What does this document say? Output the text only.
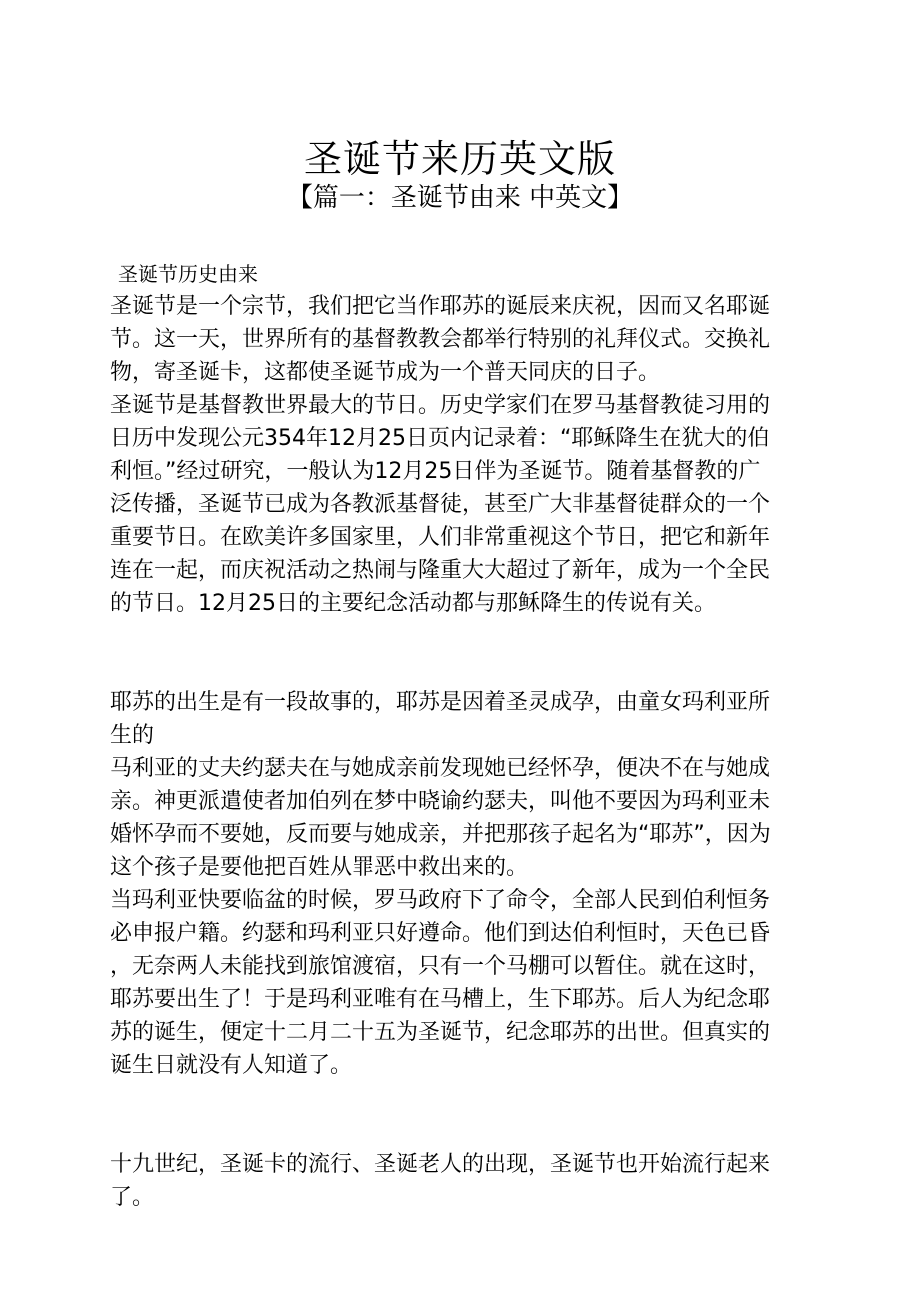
圣诞节来历英文版
【篇一：圣诞节由来 中英文】

圣诞节历史由来

圣诞节是一个宗节，我们把它当作耶苏的诞辰来庆祝，因而又名耶诞
节。这一天，世界所有的基督教教会都举行特别的礼拜仪式。交换礼
物，寄圣诞卡，这都使圣诞节成为一个普天同庆的日子。

圣诞节是基督教世界最大的节日。历史学家们在罗马基督教徒习用的
日历中发现公元354年12月25日页内记录着：“耶稣降生在犹大的伯
利恒。”经过研究，一般认为12月25日伴为圣诞节。随着基督教的广
泛传播，圣诞节已成为各教派基督徒，甚至广大非基督徒群众的一个
重要节日。在欧美许多国家里，人们非常重视这个节日，把它和新年
连在一起，而庆祝活动之热闹与隆重大大超过了新年，成为一个全民
的节日。12月25日的主要纪念活动都与那稣降生的传说有关。

耶苏的出生是有一段故事的，耶苏是因着圣灵成孕，由童女玛利亚所
生的

马利亚的丈夫约瑟夫在与她成亲前发现她已经怀孕，便决不在与她成
亲。神更派遣使者加伯列在梦中晓谕约瑟夫，叫他不要因为玛利亚未
婚怀孕而不要她，反而要与她成亲，并把那孩子起名为“耶苏”，因为
这个孩子是要他把百姓从罪恶中救出来的。

当玛利亚快要临盆的时候，罗马政府下了命令，全部人民到伯利恒务
必申报户籍。约瑟和玛利亚只好遵命。他们到达伯利恒时，天色已昏
，无奈两人未能找到旅馆渡宿，只有一个马棚可以暂住。就在这时，
耶苏要出生了！于是玛利亚唯有在马槽上，生下耶苏。后人为纪念耶
苏的诞生，便定十二月二十五为圣诞节，纪念耶苏的出世。但真实的
诞生日就没有人知道了。

十九世纪，圣诞卡的流行、圣诞老人的出现，圣诞节也开始流行起来
了。
